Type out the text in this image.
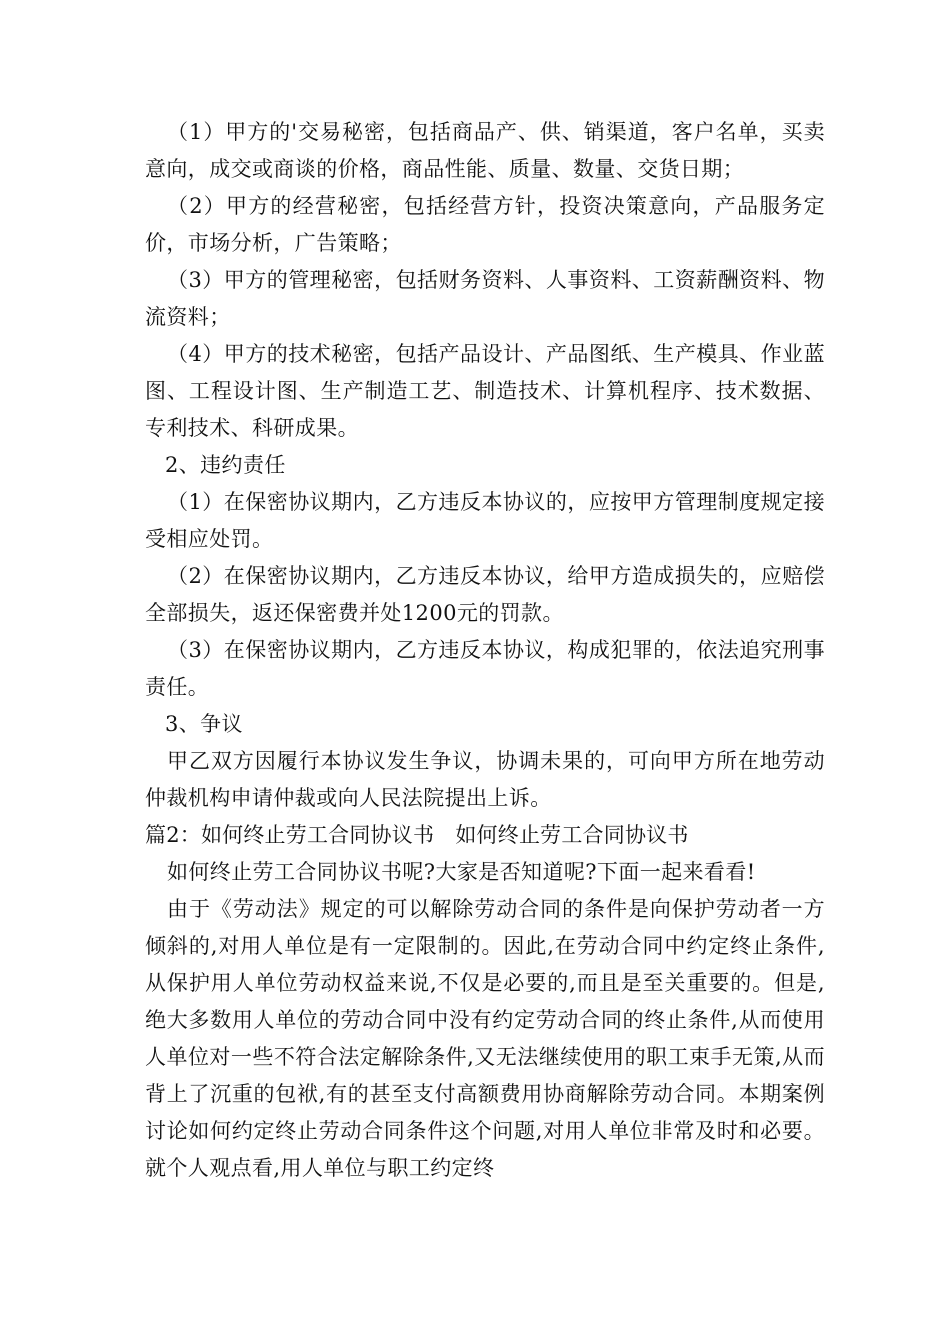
（1）甲方的'交易秘密，包括商品产、供、销渠道，客户名单，买卖意向，成交或商谈的价格，商品性能、质量、数量、交货日期；

（2）甲方的经营秘密，包括经营方针，投资决策意向，产品服务定价，市场分析，广告策略；

（3）甲方的管理秘密，包括财务资料、人事资料、工资薪酬资料、物流资料；

（4）甲方的技术秘密，包括产品设计、产品图纸、生产模具、作业蓝图、工程设计图、生产制造工艺、制造技术、计算机程序、技术数据、专利技术、科研成果。

2、违约责任

（1）在保密协议期内，乙方违反本协议的，应按甲方管理制度规定接受相应处罚。

（2）在保密协议期内，乙方违反本协议，给甲方造成损失的，应赔偿全部损失，返还保密费并处1200元的罚款。

（3）在保密协议期内，乙方违反本协议，构成犯罪的，依法追究刑事责任。

3、争议

甲乙双方因履行本协议发生争议，协调未果的，可向甲方所在地劳动仲裁机构申请仲裁或向人民法院提出上诉。

篇2：如何终止劳工合同协议书　如何终止劳工合同协议书

如何终止劳工合同协议书呢?大家是否知道呢?下面一起来看看!

由于《劳动法》规定的可以解除劳动合同的条件是向保护劳动者一方倾斜的,对用人单位是有一定限制的。因此,在劳动合同中约定终止条件,从保护用人单位劳动权益来说,不仅是必要的,而且是至关重要的。但是,绝大多数用人单位的劳动合同中没有约定劳动合同的终止条件,从而使用人单位对一些不符合法定解除条件,又无法继续使用的职工束手无策,从而背上了沉重的包袱,有的甚至支付高额费用协商解除劳动合同。本期案例讨论如何约定终止劳动合同条件这个问题,对用人单位非常及时和必要。就个人观点看,用人单位与职工约定终
